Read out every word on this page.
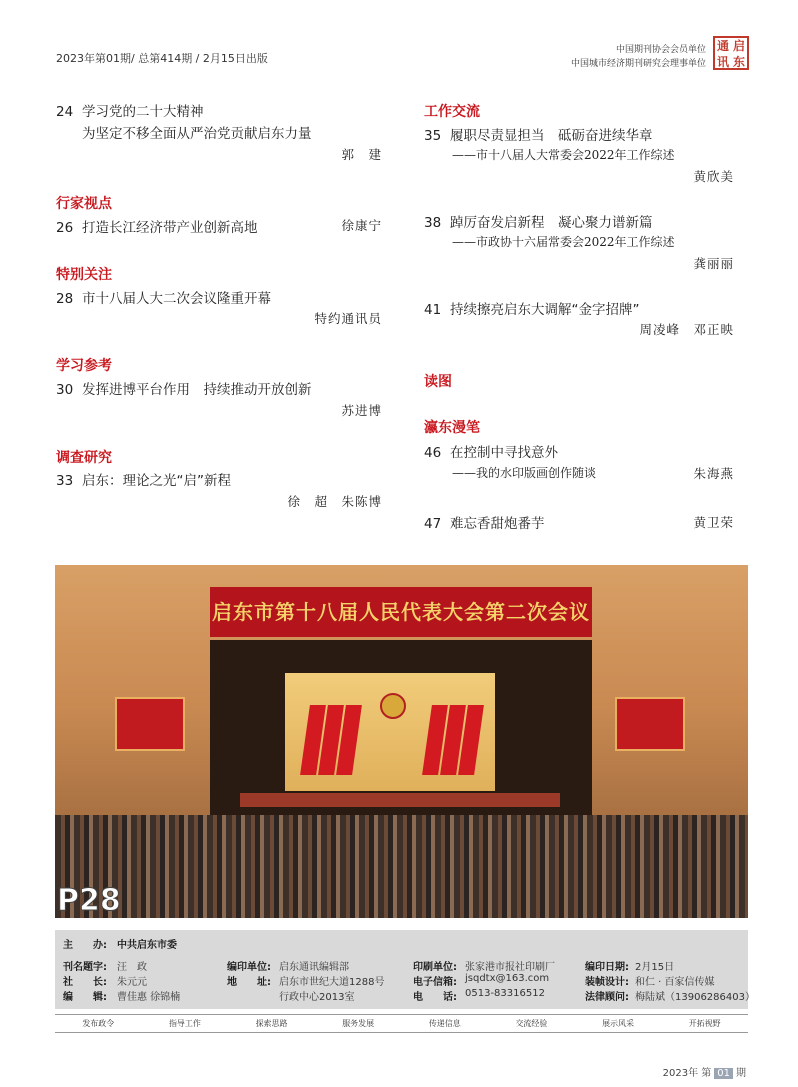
2023年第01期/ 总第414期 / 2月15日出版
中国期刊协会会员单位
中国城市经济期刊研究会理事单位
通 启
讯 东
24 学习党的二十大精神
为坚定不移全面从严治党贡献启东力量
郭　建
行家视点
26 打造长江经济带产业创新高地	徐康宁
特别关注
28 市十八届人大二次会议隆重开幕
特约通讯员
学习参考
30 发挥进博平台作用　持续推动开放创新
苏进博
调查研究
33 启东：理论之光“启”新程
徐　超　朱陈博
工作交流
35 履职尽责显担当　砥砺奋进续华章
——市十八届人大常委会2022年工作综述
黄欣美
38 踔厉奋发启新程　凝心聚力谱新篇
——市政协十六届常委会2022年工作综述
龚丽丽
41 持续擦亮启东大调解“金字招牌”
周凌峰　邓正映
读图
瀛东漫笔
46 在控制中寻找意外
——我的水印版画创作随谈	朱海燕
47 难忘香甜炮番芋	黄卫荣
启东市第十八届人民代表大会第二次会议
P28
主　　办: 中共启东市委
刊名题字: 汪　政
社　　长: 朱元元
编　　辑: 曹佳惠 徐锦楠
编印单位: 启东通讯编辑部
地　　址: 启东市世纪大道1288号
行政中心2013室
印刷单位: 张家港市报社印刷厂
电子信箱: jsqdtx@163.com
电　　话: 0513-83316512
编印日期: 2月15日
装帧设计: 和仁 · 百家信传媒
法律顾问: 梅陆斌（13906286403）
发布政令	指导工作	探索思路	服务发展	传递信息	交流经验	展示风采	开拓视野
2023年 第 01 期
